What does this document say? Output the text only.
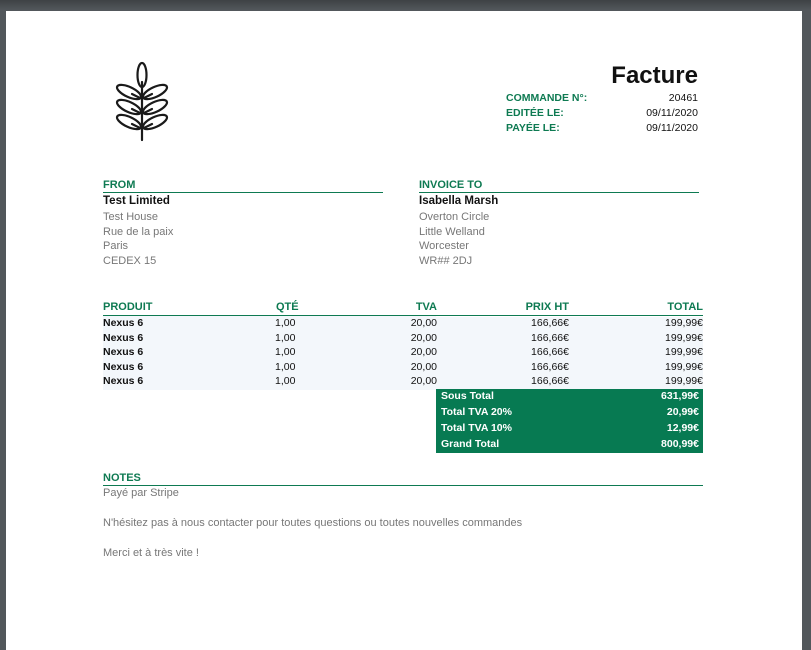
Facture
COMMANDE N°:	20461
EDITÉE LE:	09/11/2020
PAYÉE LE:	09/11/2020
FROM
Test Limited
Test House
Rue de la paix
Paris
CEDEX 15
INVOICE TO
Isabella Marsh
Overton Circle
Little Welland
Worcester
WR## 2DJ
PRODUIT	QTÉ	TVA	PRIX HT	TOTAL
Nexus 6	1,00	20,00	166,66€	199,99€
Nexus 6	1,00	20,00	166,66€	199,99€
Nexus 6	1,00	20,00	166,66€	199,99€
Nexus 6	1,00	20,00	166,66€	199,99€
Nexus 6	1,00	20,00	166,66€	199,99€
Sous Total	631,99€
Total TVA 20%	20,99€
Total TVA 10%	12,99€
Grand Total	800,99€
NOTES
Payé par Stripe
N'hésitez pas à nous contacter pour toutes questions ou toutes nouvelles commandes
Merci et à très vite !
